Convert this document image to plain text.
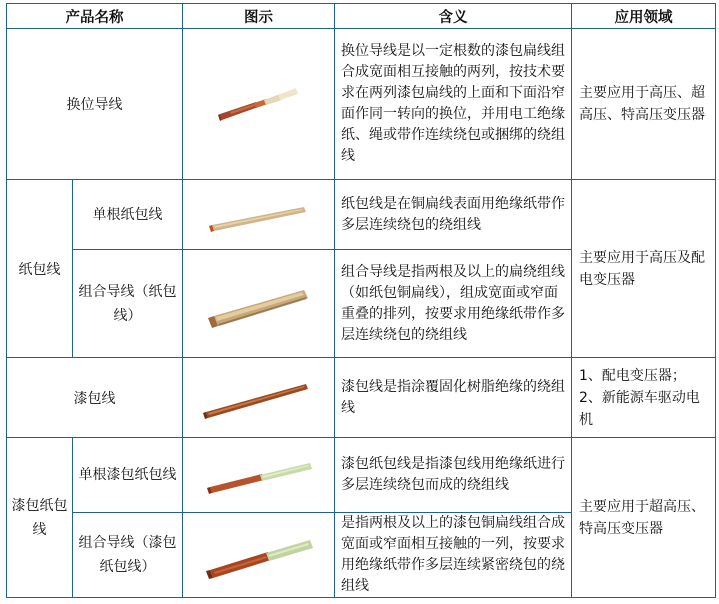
产品名称		图示	含义	应用领域
换位导线			换位导线是以一定根数的漆包扁线组合成宽面相互接触的两列，按技术要求在两列漆包扁线的上面和下面沿窄面作同一转向的换位，并用电工绝缘纸、绳或带作连续绕包或捆绑的绕组线	主要应用于高压、超高压、特高压变压器
纸包线	单根纸包线		纸包线是在铜扁线表面用绝缘纸带作多层连续绕包的绕组线	主要应用于高压及配电变压器
	组合导线（纸包线）		组合导线是指两根及以上的扁绕组线（如纸包铜扁线），组成宽面或窄面重叠的排列，按要求用绝缘纸带作多层连续绕包的绕组线	
漆包线			漆包线是指涂覆固化树脂绝缘的绕组线	1、配电变压器；
2、新能源车驱动电机

漆包纸包线	单根漆包纸包线		漆包纸包线是指漆包线用绝缘纸进行多层连续绕包而成的绕组线	主要应用于超高压、特高压变压器
	组合导线（漆包纸包线）		是指两根及以上的漆包铜扁线组合成宽面或窄面相互接触的一列，按要求用绝缘纸带作多层连续紧密绕包的绕组线	
